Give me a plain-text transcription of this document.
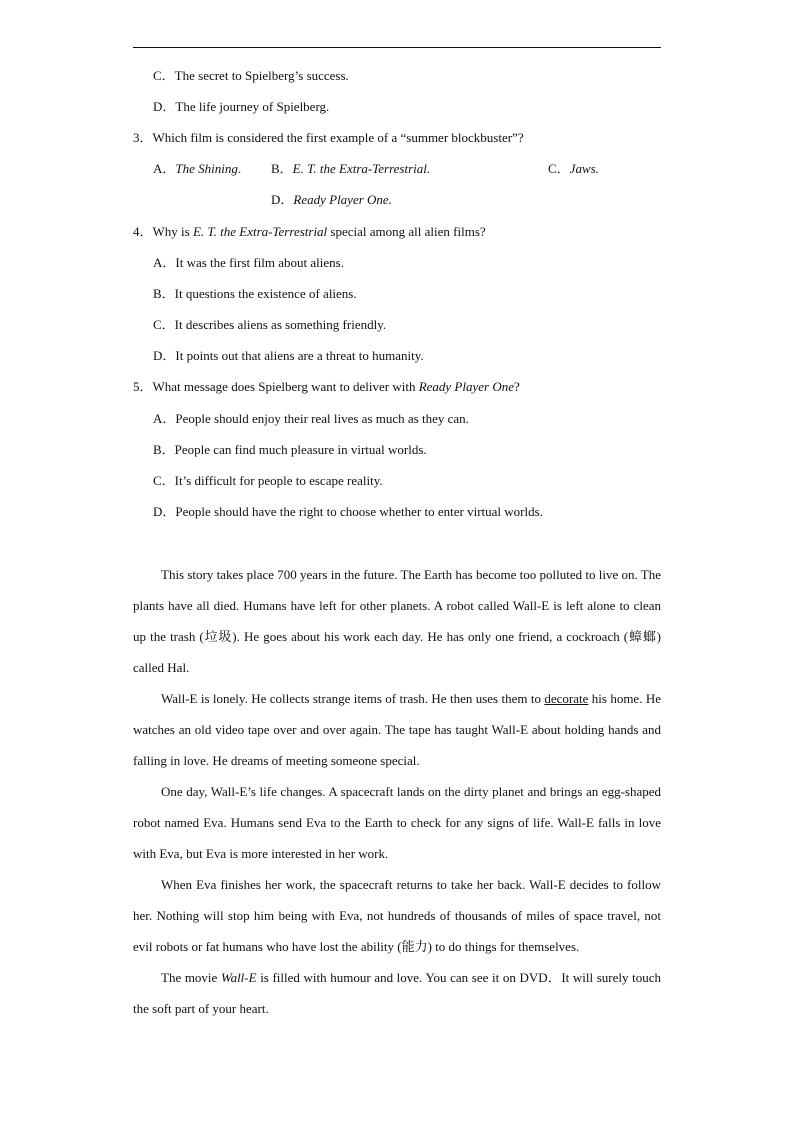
C．The secret to Spielberg’s success.
D．The life journey of Spielberg.
3．Which film is considered the first example of a “summer blockbuster”?
A．The Shining. B．E. T. the Extra-Terrestrial.	C．Jaws.
D．Ready Player One.
4．Why is E. T. the Extra-Terrestrial special among all alien films?
A．It was the first film about aliens.
B．It questions the existence of aliens.
C．It describes aliens as something friendly.
D．It points out that aliens are a threat to humanity.
5．What message does Spielberg want to deliver with Ready Player One?
A．People should enjoy their real lives as much as they can.
B．People can find much pleasure in virtual worlds.
C．It’s difficult for people to escape reality.
D．People should have the right to choose whether to enter virtual worlds.

This story takes place 700 years in the future. The Earth has become too polluted to live on. The plants have all died. Humans have left for other planets. A robot called Wall-E is left alone to clean up the trash (垃圾). He goes about his work each day. He has only one friend, a cockroach (蟑螂) called Hal.

Wall-E is lonely. He collects strange items of trash. He then uses them to decorate his home. He watches an old video tape over and over again. The tape has taught Wall-E about holding hands and falling in love. He dreams of meeting someone special.

One day, Wall-E’s life changes. A spacecraft lands on the dirty planet and brings an egg-shaped robot named Eva. Humans send Eva to the Earth to check for any signs of life. Wall-E falls in love with Eva, but Eva is more interested in her work.

When Eva finishes her work, the spacecraft returns to take her back. Wall-E decides to follow her. Nothing will stop him being with Eva, not hundreds of thousands of miles of space travel, not evil robots or fat humans who have lost the ability (能力) to do things for themselves.

The movie Wall-E is filled with humour and love. You can see it on DVD．It will surely touch the soft part of your heart.
